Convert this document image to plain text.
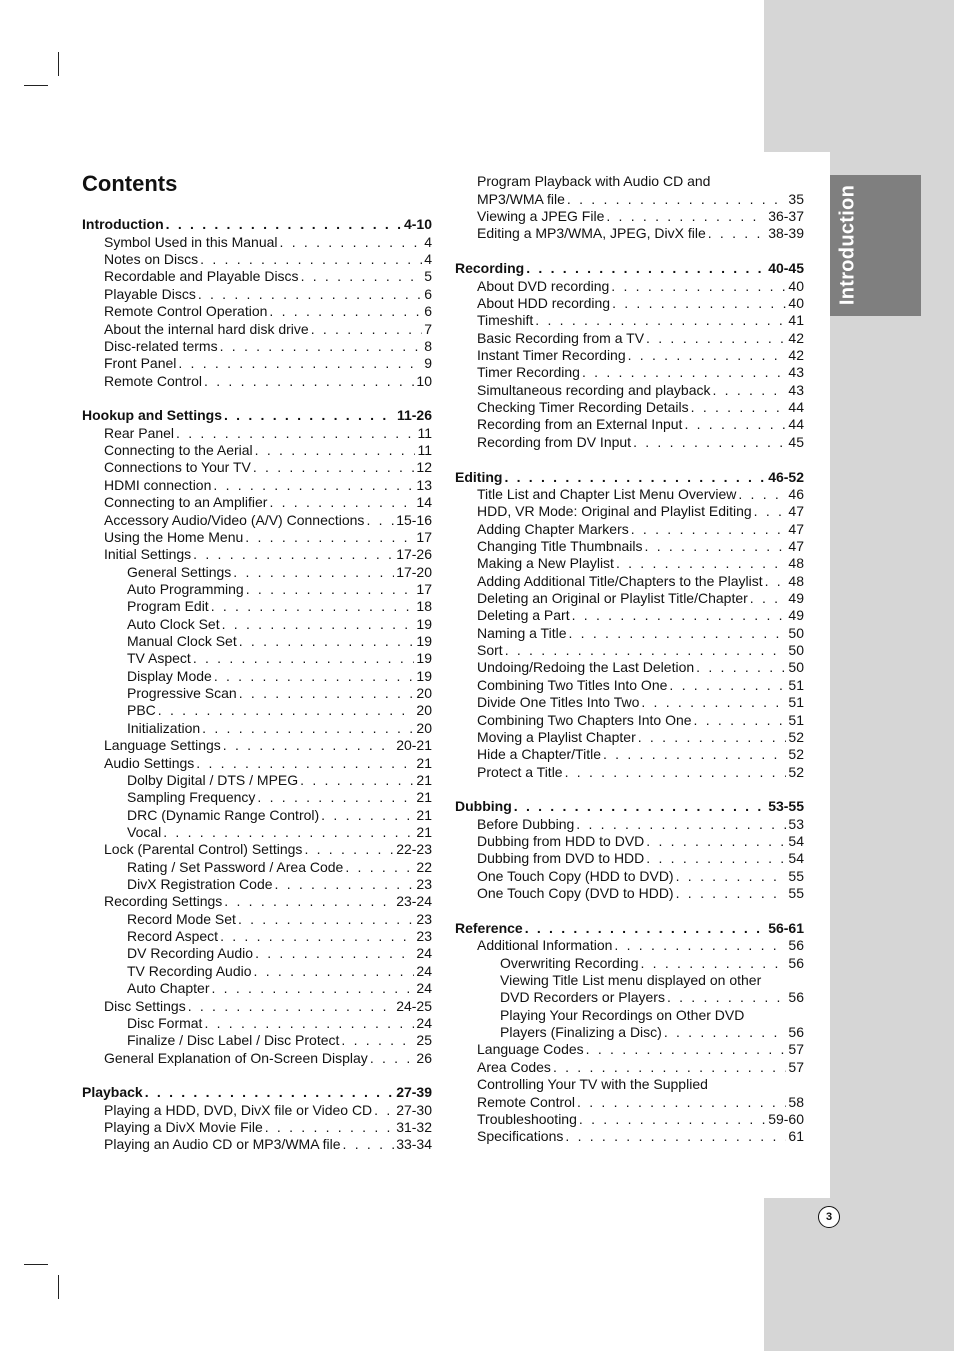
Introduction
3
Contents
Introduction . . .	4-10
Symbol Used in this Manual . . .	4
Notes on Discs . . .	4
Recordable and Playable Discs . . .	5
Playable Discs . . .	6
Remote Control Operation . . .	6
About the internal hard disk drive . . .	7
Disc-related terms . . .	8
Front Panel . . .	9
Remote Control . . .	10
Hookup and Settings . . .	11-26
Rear Panel . . .	11
Connecting to the Aerial . . .	11
Connections to Your TV . . .	12
HDMI connection . . .	13
Connecting to an Amplifier . . .	14
Accessory Audio/Video (A/V) Connections . . . 15-16
Using the Home Menu . . .	17
Initial Settings . . .	17-26
General Settings . . .	17-20
Auto Programming . . .	17
Program Edit . . .	18
Auto Clock Set . . .	19
Manual Clock Set . . .	19
TV Aspect . . .	19
Display Mode . . .	19
Progressive Scan . . .	20
PBC . . .	20
Initialization . . .	20
Language Settings . . .	20-21
Audio Settings . . .	21
Dolby Digital / DTS / MPEG . . .	21
Sampling Frequency . . .	21
DRC (Dynamic Range Control) . . .	21
Vocal . . .	21
Lock (Parental Control) Settings . . .	22-23
Rating / Set Password / Area Code . . .	22
DivX Registration Code . . .	23
Recording Settings . . .	23-24
Record Mode Set . . .	23
Record Aspect . . .	23
DV Recording Audio . . .	24
TV Recording Audio . . .	24
Auto Chapter . . .	24
Disc Settings . . .	24-25
Disc Format . . .	24
Finalize / Disc Label / Disc Protect . . .	25
General Explanation of On-Screen Display . . .	26
Playback . . .	27-39
Playing a HDD, DVD, DivX file or Video CD . . . 27-30
Playing a DivX Movie File . . .	31-32
Playing an Audio CD or MP3/WMA file . . .	33-34
Program Playback with Audio CD and
MP3/WMA file . . .	35
Viewing a JPEG File . . .	36-37
Editing a MP3/WMA, JPEG, DivX file . . .	38-39
Recording . . .	40-45
About DVD recording . . .	40
About HDD recording . . .	40
Timeshift . . .	41
Basic Recording from a TV . . .	42
Instant Timer Recording . . .	42
Timer Recording . . .	43
Simultaneous recording and playback . . .	43
Checking Timer Recording Details . . .	44
Recording from an External Input . . .	44
Recording from DV Input . . .	45
Editing . . .	46-52
Title List and Chapter List Menu Overview . . .	46
HDD, VR Mode: Original and Playlist Editing . . .	47
Adding Chapter Markers . . .	47
Changing Title Thumbnails . . .	47
Making a New Playlist . . .	48
Adding Additional Title/Chapters to the Playlist . . . 48
Deleting an Original or Playlist Title/Chapter . . .	49
Deleting a Part . . .	49
Naming a Title . . .	50
Sort . . .	50
Undoing/Redoing the Last Deletion . . .	50
Combining Two Titles Into One . . .	51
Divide One Titles Into Two . . .	51
Combining Two Chapters Into One . . .	51
Moving a Playlist Chapter . . .	52
Hide a Chapter/Title . . .	52
Protect a Title . . .	52
Dubbing . . .	53-55
Before Dubbing . . .	53
Dubbing from HDD to DVD . . .	54
Dubbing from DVD to HDD . . .	54
One Touch Copy (HDD to DVD) . . .	55
One Touch Copy (DVD to HDD) . . .	55
Reference . . .	56-61
Additional Information . . .	56
Overwriting Recording . . .	56
Viewing Title List menu displayed on other
DVD Recorders or Players . . .	56
Playing Your Recordings on Other DVD
Players (Finalizing a Disc) . . .	56
Language Codes . . .	57
Area Codes . . .	57
Controlling Your TV with the Supplied
Remote Control . . .	58
Troubleshooting . . .	59-60
Specifications . . .	61
